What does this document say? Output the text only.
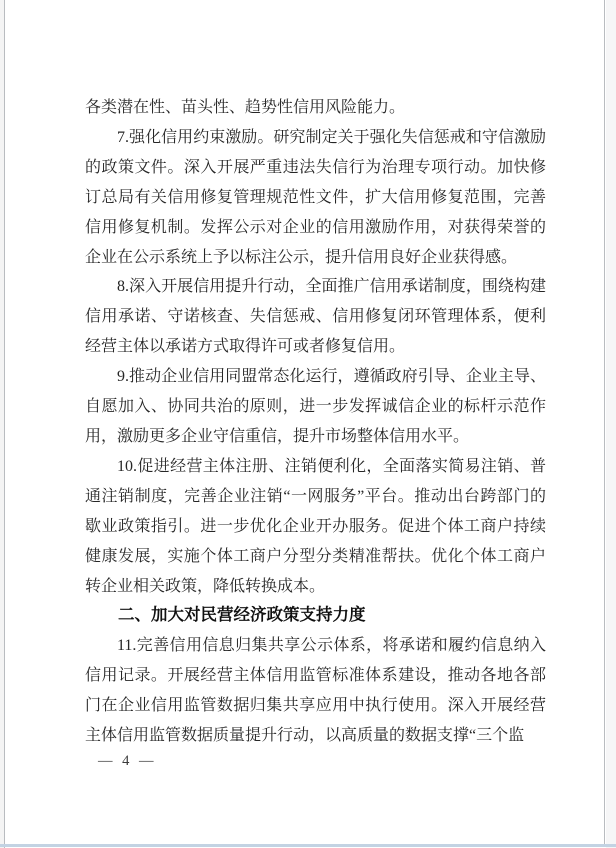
各类潜在性、苗头性、趋势性信用风险能力。

7.强化信用约束激励。研究制定关于强化失信惩戒和守信激励的政策文件。深入开展严重违法失信行为治理专项行动。加快修订总局有关信用修复管理规范性文件，扩大信用修复范围，完善信用修复机制。发挥公示对企业的信用激励作用，对获得荣誉的企业在公示系统上予以标注公示，提升信用良好企业获得感。

8.深入开展信用提升行动，全面推广信用承诺制度，围绕构建信用承诺、守诺核查、失信惩戒、信用修复闭环管理体系，便利经营主体以承诺方式取得许可或者修复信用。

9.推动企业信用同盟常态化运行，遵循政府引导、企业主导、自愿加入、协同共治的原则，进一步发挥诚信企业的标杆示范作用，激励更多企业守信重信，提升市场整体信用水平。

10.促进经营主体注册、注销便利化，全面落实简易注销、普通注销制度，完善企业注销“一网服务”平台。推动出台跨部门的歇业政策指引。进一步优化企业开办服务。促进个体工商户持续健康发展，实施个体工商户分型分类精准帮扶。优化个体工商户转企业相关政策，降低转换成本。

二、加大对民营经济政策支持力度

11.完善信用信息归集共享公示体系，将承诺和履约信息纳入信用记录。开展经营主体信用监管标准体系建设，推动各地各部门在企业信用监管数据归集共享应用中执行使用。深入开展经营主体信用监管数据质量提升行动，以高质量的数据支撑“三个监

— 4 —
